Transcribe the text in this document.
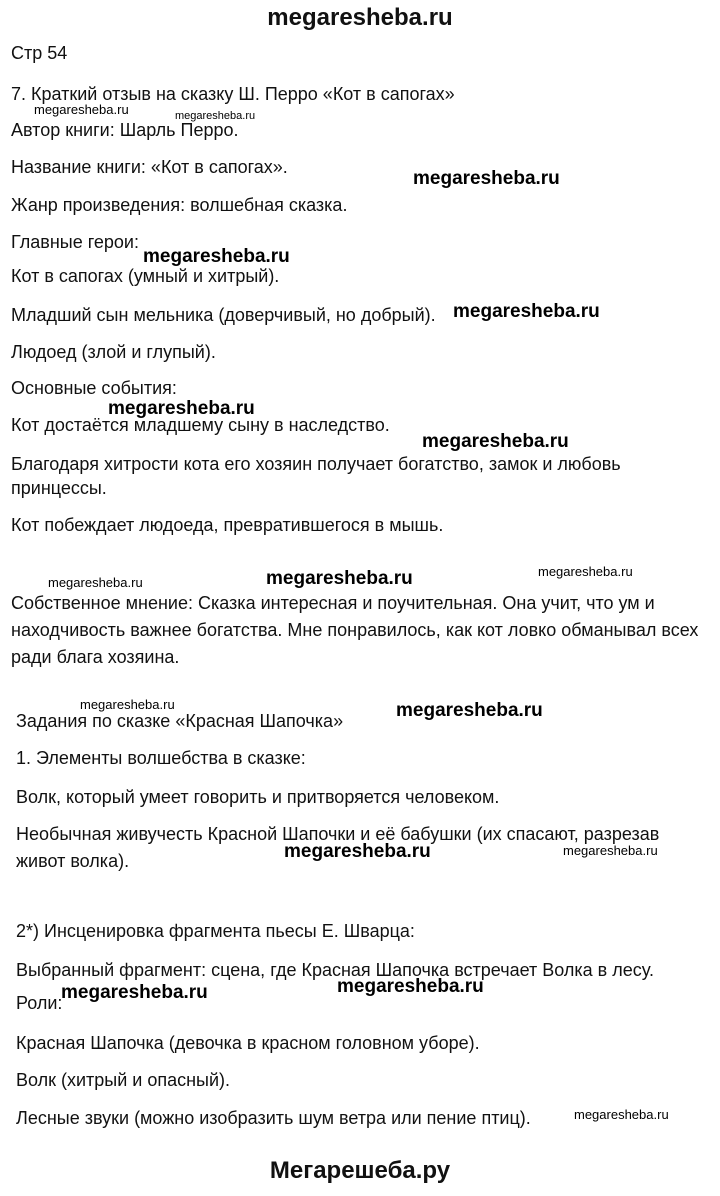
megaresheba.ru
Стр 54
7. Краткий отзыв на сказку Ш. Перро «Кот в сапогах»
Автор книги: Шарль Перро.
Название книги: «Кот в сапогах».
Жанр произведения: волшебная сказка.
Главные герои:
Кот в сапогах (умный и хитрый).
Младший сын мельника (доверчивый, но добрый).
Людоед (злой и глупый).
Основные события:
Кот достаётся младшему сыну в наследство.
Благодаря хитрости кота его хозяин получает богатство, замок и любовь принцессы.
Кот побеждает людоеда, превратившегося в мышь.
Собственное мнение: Сказка интересная и поучительная. Она учит, что ум и находчивость важнее богатства. Мне понравилось, как кот ловко обманывал всех ради блага хозяина.
Задания по сказке «Красная Шапочка»
1. Элементы волшебства в сказке:
Волк, который умеет говорить и притворяется человеком.
Необычная живучесть Красной Шапочки и её бабушки (их спасают, разрезав живот волка).
2*) Инсценировка фрагмента пьесы Е. Шварца:
Выбранный фрагмент: сцена, где Красная Шапочка встречает Волка в лесу.
Роли:
Красная Шапочка (девочка в красном головном уборе).
Волк (хитрый и опасный).
Лесные звуки (можно изобразить шум ветра или пение птиц).
megaresheba.ru	megaresheba.ru
megaresheba.ru
megaresheba.ru
megaresheba.ru
megaresheba.ru
megaresheba.ru
megaresheba.ru	megaresheba.ru	megaresheba.ru
megaresheba.ru	megaresheba.ru
megaresheba.ru	megaresheba.ru
megaresheba.ru	megaresheba.ru
megaresheba.ru
Мегарешеба.ру
